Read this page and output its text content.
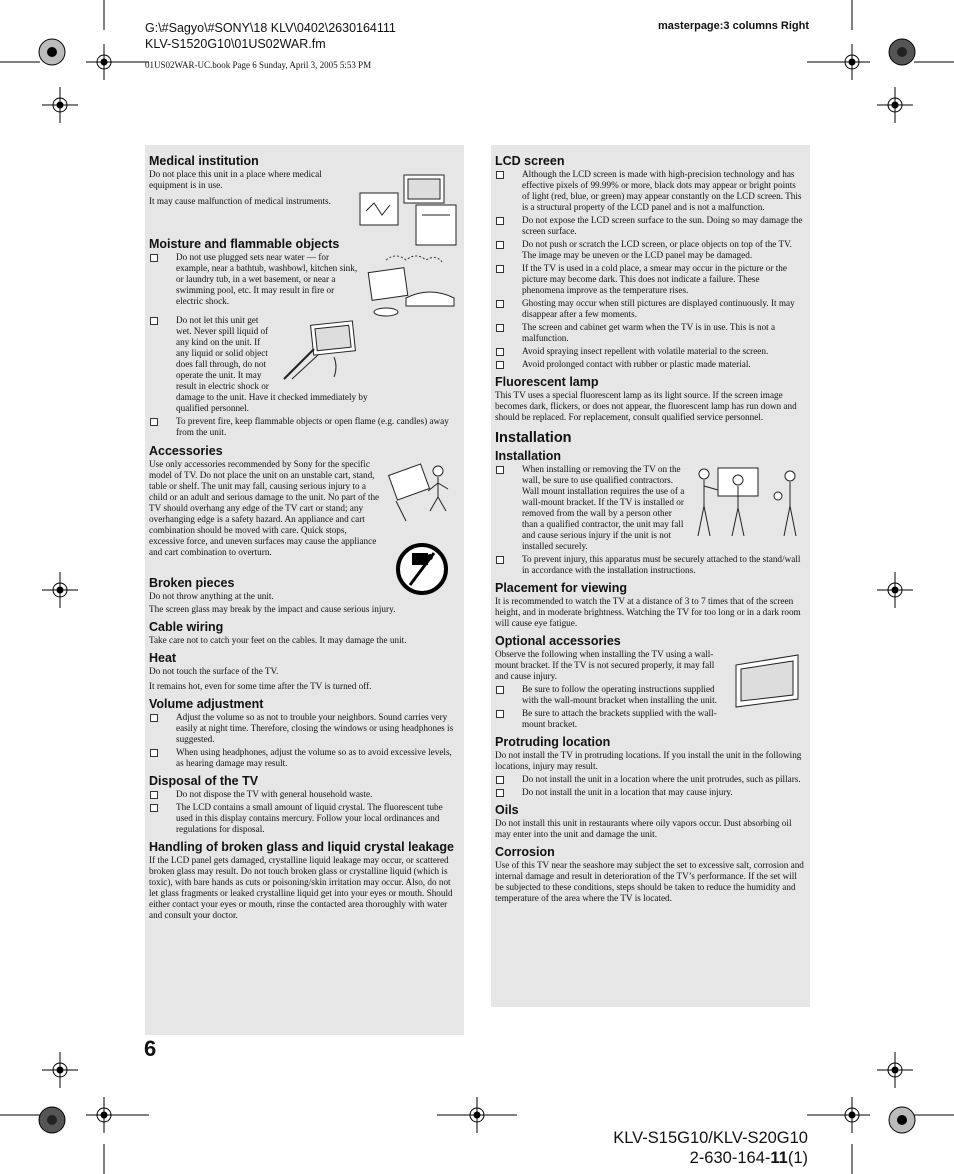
G:\#Sagyo\#SONY\18 KLV\0402\2630164111
KLV-S1520G10\01US02WAR.fm
masterpage:3 columns Right
01US02WAR-UC.book Page 6 Sunday, April 3, 2005 5:53 PM
Medical institution

Do not place this unit in a place where medical equipment is in use.

It may cause malfunction of medical instruments.

Moisture and flammable objects
Do not use plugged sets near water — for example, near a bathtub, washbowl, kitchen sink, or laundry tub, in a wet basement, or near a swimming pool, etc. It may result in fire or electric shock.
Do not let this unit get wet. Never spill liquid of any kind on the unit. If any liquid or solid object does fall through, do not operate the unit. It may result in electric shock or damage to the unit. Have it checked immediately by qualified personnel.
To prevent fire, keep flammable objects or open flame (e.g. candles) away from the unit.
Accessories

Use only accessories recommended by Sony for the specific model of TV. Do not place the unit on an unstable cart, stand, table or shelf. The unit may fall, causing serious injury to a child or an adult and serious damage to the unit. No part of the TV should overhang any edge of the TV cart or stand; any overhanging edge is a safety hazard. An appliance and cart combination should be moved with care. Quick stops, excessive force, and uneven surfaces may cause the appliance and cart combination to overturn.

Broken pieces

Do not throw anything at the unit.

The screen glass may break by the impact and cause serious injury.

Cable wiring

Take care not to catch your feet on the cables. It may damage the unit.

Heat

Do not touch the surface of the TV.

It remains hot, even for some time after the TV is turned off.

Volume adjustment
Adjust the volume so as not to trouble your neighbors. Sound carries very easily at night time. Therefore, closing the windows or using headphones is suggested.
When using headphones, adjust the volume so as to avoid excessive levels, as hearing damage may result.
Disposal of the TV
Do not dispose the TV with general household waste.
The LCD contains a small amount of liquid crystal. The fluorescent tube used in this display contains mercury. Follow your local ordinances and regulations for disposal.
Handling of broken glass and liquid crystal leakage

If the LCD panel gets damaged, crystalline liquid leakage may occur, or scattered broken glass may result. Do not touch broken glass or crystalline liquid (which is toxic), with bare hands as cuts or poisoning/skin irritation may occur. Also, do not let glass fragments or leaked crystalline liquid get into your eyes or mouth. Should either contact your eyes or mouth, rinse the contacted area thoroughly with water and consult your doctor.

LCD screen
Although the LCD screen is made with high-precision technology and has effective pixels of 99.99% or more, black dots may appear or bright points of light (red, blue, or green) may appear constantly on the LCD screen. This is a structural property of the LCD panel and is not a malfunction.
Do not expose the LCD screen surface to the sun. Doing so may damage the screen surface.
Do not push or scratch the LCD screen, or place objects on top of the TV. The image may be uneven or the LCD panel may be damaged.
If the TV is used in a cold place, a smear may occur in the picture or the picture may become dark. This does not indicate a failure. These phenomena improve as the temperature rises.
Ghosting may occur when still pictures are displayed continuously. It may disappear after a few moments.
The screen and cabinet get warm when the TV is in use. This is not a malfunction.
Avoid spraying insect repellent with volatile material to the screen.
Avoid prolonged contact with rubber or plastic made material.
Fluorescent lamp

This TV uses a special fluorescent lamp as its light source. If the screen image becomes dark, flickers, or does not appear, the fluorescent lamp has run down and should be replaced. For replacement, consult qualified service personnel.

Installation
Installation
When installing or removing the TV on the wall, be sure to use qualified contractors. Wall mount installation requires the use of a wall-mount bracket. If the TV is installed or removed from the wall by a person other than a qualified contractor, the unit may fall and cause serious injury if the unit is not installed securely.
To prevent injury, this apparatus must be securely attached to the stand/wall in accordance with the installation instructions.
Placement for viewing

It is recommended to watch the TV at a distance of 3 to 7 times that of the screen height, and in moderate brightness. Watching the TV for too long or in a dark room will cause eye fatigue.

Optional accessories

Observe the following when installing the TV using a wall-mount bracket. If the TV is not secured properly, it may fall and cause injury.

Be sure to follow the operating instructions supplied with the wall-mount bracket when installing the unit.
Be sure to attach the brackets supplied with the wall-mount bracket.
Protruding location

Do not install the TV in protruding locations. If you install the unit in the following locations, injury may result.

Do not install the unit in a location where the unit protrudes, such as pillars.
Do not install the unit in a location that may cause injury.
Oils

Do not install this unit in restaurants where oily vapors occur. Dust absorbing oil may enter into the unit and damage the unit.

Corrosion

Use of this TV near the seashore may subject the set to excessive salt, corrosion and internal damage and result in deterioration of the TV’s performance. If the set will be subjected to these conditions, steps should be taken to reduce the humidity and temperature of the area where the TV is located.

6
KLV-S15G10/KLV-S20G10
2-630-164-11(1)
